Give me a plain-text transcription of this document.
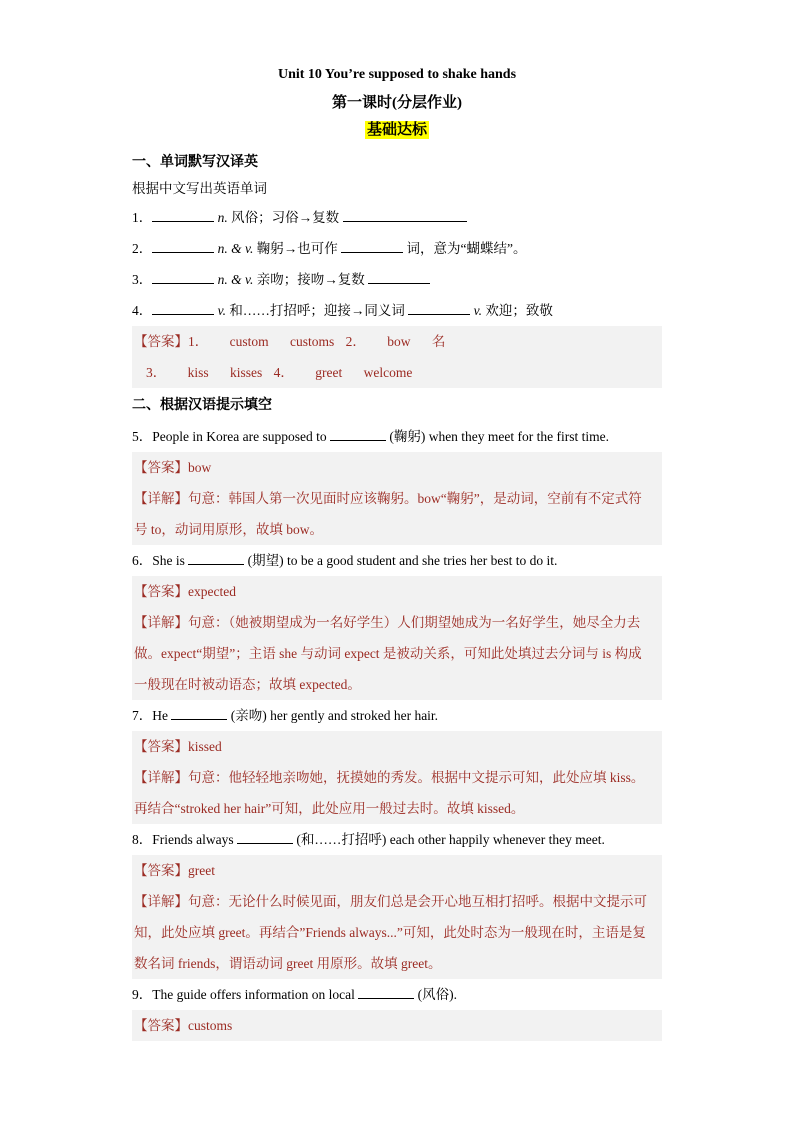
Unit 10 You’re supposed to shake hands
第一课时(分层作业)
基础达标
一、单词默写汉译英
根据中文写出英语单词
1．	n. 风俗；习俗→复数
2．	n. & v. 鞠躬→也可作	词，意为“蝴蝶结”。
3．	n. & v. 亲吻；接吻→复数
4．	v. 和……打招呼；迎接→同义词	v. 欢迎；致敬
【答案】1． custom customs 2． bow 名
3． kiss kisses 4． greet welcome
二、根据汉语提示填空
5．People in Korea are supposed to	(鞠躬) when they meet for the first time.
【答案】bow
【详解】句意：韩国人第一次见面时应该鞠躬。bow“鞠躬”，是动词，空前有不定式符
号 to，动词用原形，故填 bow。
6．She is	(期望) to be a good student and she tries her best to do it.
【答案】expected
【详解】句意：（她被期望成为一名好学生）人们期望她成为一名好学生，她尽全力去
做。expect“期望”；主语 she 与动词 expect 是被动关系，可知此处填过去分词与 is 构成
一般现在时被动语态；故填 expected。
7．He	(亲吻) her gently and stroked her hair.
【答案】kissed
【详解】句意：他轻轻地亲吻她，抚摸她的秀发。根据中文提示可知，此处应填 kiss。
再结合“stroked her hair”可知，此处应用一般过去时。故填 kissed。
8．Friends always	(和……打招呼) each other happily whenever they meet.
【答案】greet
【详解】句意：无论什么时候见面，朋友们总是会开心地互相打招呼。根据中文提示可
知，此处应填 greet。再结合”Friends always...”可知，此处时态为一般现在时，主语是复
数名词 friends，谓语动词 greet 用原形。故填 greet。
9．The guide offers information on local	(风俗).
【答案】customs
